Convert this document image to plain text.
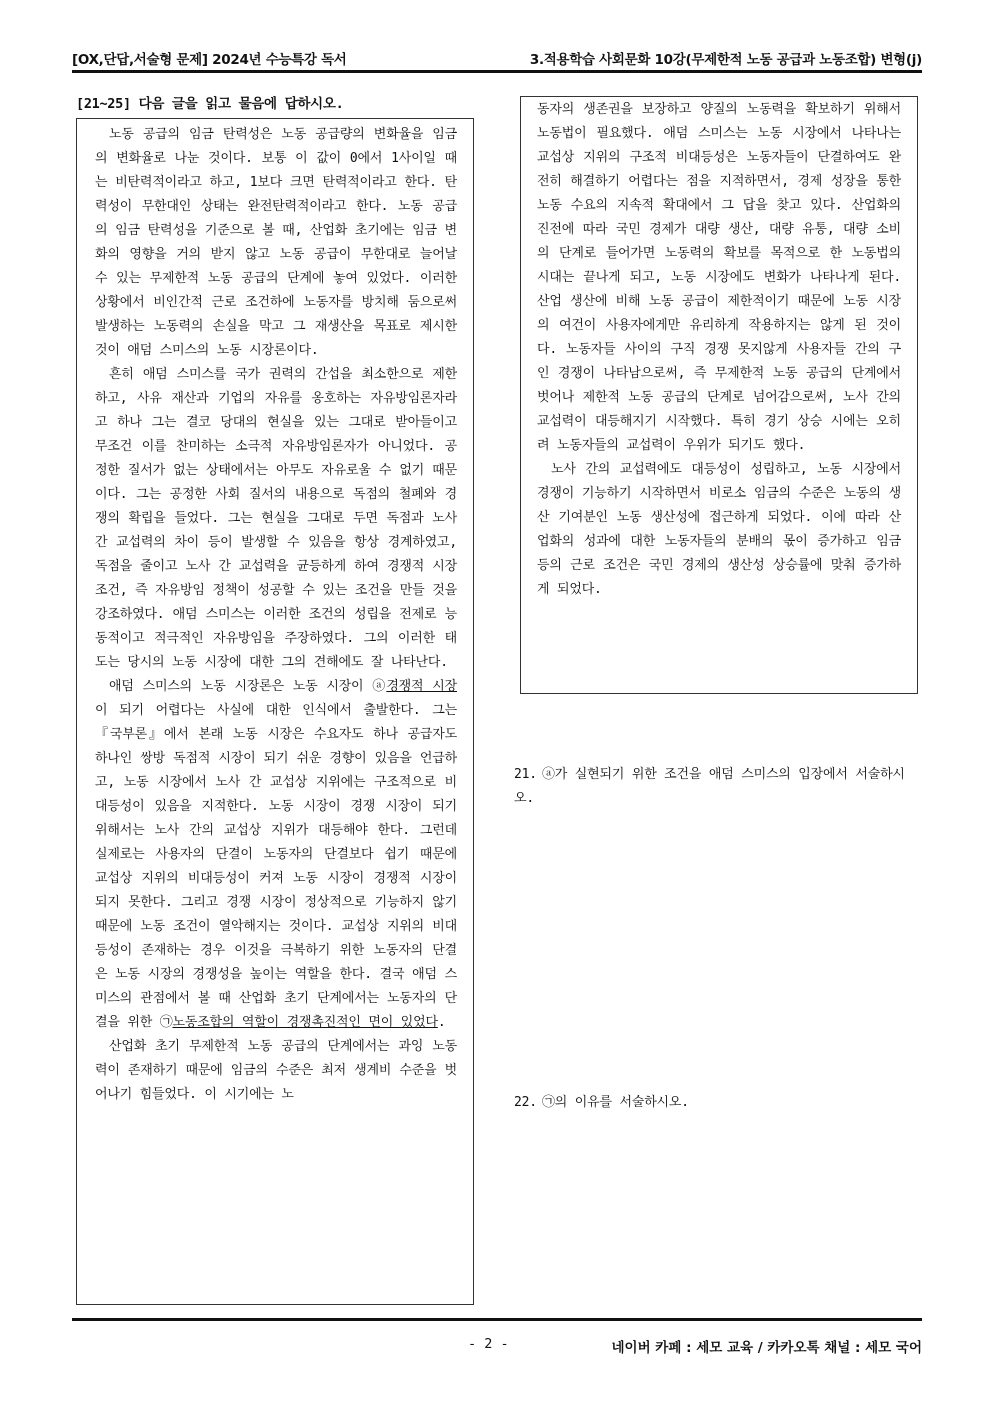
[OX,단답,서술형 문제] 2024년 수능특강 독서	3.적용학습 사회문화 10강(무제한적 노동 공급과 노동조합) 변형(j)
[21~25] 다음 글을 읽고 물음에 답하시오.

노동 공급의 임금 탄력성은 노동 공급량의 변화율을 임금의 변화율로 나눈 것이다. 보통 이 값이 0에서 1사이일 때는 비탄력적이라고 하고, 1보다 크면 탄력적이라고 한다. 탄력성이 무한대인 상태는 완전탄력적이라고 한다. 노동 공급의 임금 탄력성을 기준으로 볼 때, 산업화 초기에는 임금 변화의 영향을 거의 받지 않고 노동 공급이 무한대로 늘어날 수 있는 무제한적 노동 공급의 단계에 놓여 있었다. 이러한 상황에서 비인간적 근로 조건하에 노동자를 방치해 둠으로써 발생하는 노동력의 손실을 막고 그 재생산을 목표로 제시한 것이 애덤 스미스의 노동 시장론이다.

흔히 애덤 스미스를 국가 권력의 간섭을 최소한으로 제한하고, 사유 재산과 기업의 자유를 옹호하는 자유방임론자라고 하나 그는 결코 당대의 현실을 있는 그대로 받아들이고 무조건 이를 찬미하는 소극적 자유방임론자가 아니었다. 공정한 질서가 없는 상태에서는 아무도 자유로울 수 없기 때문이다. 그는 공정한 사회 질서의 내용으로 독점의 철폐와 경쟁의 확립을 들었다. 그는 현실을 그대로 두면 독점과 노사 간 교섭력의 차이 등이 발생할 수 있음을 항상 경계하였고, 독점을 줄이고 노사 간 교섭력을 균등하게 하여 경쟁적 시장 조건, 즉 자유방임 정책이 성공할 수 있는 조건을 만들 것을 강조하였다. 애덤 스미스는 이러한 조건의 성립을 전제로 능동적이고 적극적인 자유방임을 주장하였다. 그의 이러한 태도는 당시의 노동 시장에 대한 그의 견해에도 잘 나타난다.

애덤 스미스의 노동 시장론은 노동 시장이 ⓐ경쟁적 시장이 되기 어렵다는 사실에 대한 인식에서 출발한다. 그는 『국부론』에서 본래 노동 시장은 수요자도 하나 공급자도 하나인 쌍방 독점적 시장이 되기 쉬운 경향이 있음을 언급하고, 노동 시장에서 노사 간 교섭상 지위에는 구조적으로 비대등성이 있음을 지적한다. 노동 시장이 경쟁 시장이 되기 위해서는 노사 간의 교섭상 지위가 대등해야 한다. 그런데 실제로는 사용자의 단결이 노동자의 단결보다 쉽기 때문에 교섭상 지위의 비대등성이 커져 노동 시장이 경쟁적 시장이 되지 못한다. 그리고 경쟁 시장이 정상적으로 기능하지 않기 때문에 노동 조건이 열악해지는 것이다. 교섭상 지위의 비대등성이 존재하는 경우 이것을 극복하기 위한 노동자의 단결은 노동 시장의 경쟁성을 높이는 역할을 한다. 결국 애덤 스미스의 관점에서 볼 때 산업화 초기 단계에서는 노동자의 단결을 위한 ㉠노동조합의 역할이 경쟁촉진적인 면이 있었다.

산업화 초기 무제한적 노동 공급의 단계에서는 과잉 노동력이 존재하기 때문에 임금의 수준은 최저 생계비 수준을 벗어나기 힘들었다. 이 시기에는 노

동자의 생존권을 보장하고 양질의 노동력을 확보하기 위해서 노동법이 필요했다. 애덤 스미스는 노동 시장에서 나타나는 교섭상 지위의 구조적 비대등성은 노동자들이 단결하여도 완전히 해결하기 어렵다는 점을 지적하면서, 경제 성장을 통한 노동 수요의 지속적 확대에서 그 답을 찾고 있다. 산업화의 진전에 따라 국민 경제가 대량 생산, 대량 유통, 대량 소비의 단계로 들어가면 노동력의 확보를 목적으로 한 노동법의 시대는 끝나게 되고, 노동 시장에도 변화가 나타나게 된다. 산업 생산에 비해 노동 공급이 제한적이기 때문에 노동 시장의 여건이 사용자에게만 유리하게 작용하지는 않게 된 것이다. 노동자들 사이의 구직 경쟁 못지않게 사용자들 간의 구인 경쟁이 나타남으로써, 즉 무제한적 노동 공급의 단계에서 벗어나 제한적 노동 공급의 단계로 넘어감으로써, 노사 간의 교섭력이 대등해지기 시작했다. 특히 경기 상승 시에는 오히려 노동자들의 교섭력이 우위가 되기도 했다.

노사 간의 교섭력에도 대등성이 성립하고, 노동 시장에서 경쟁이 기능하기 시작하면서 비로소 임금의 수준은 노동의 생산 기여분인 노동 생산성에 접근하게 되었다. 이에 따라 산업화의 성과에 대한 노동자들의 분배의 몫이 증가하고 임금 등의 근로 조건은 국민 경제의 생산성 상승률에 맞춰 증가하게 되었다.

21. ⓐ가 실현되기 위한 조건을 애덤 스미스의 입장에서 서술하시오.
22. ㉠의 이유를 서술하시오.
- 2 -	네이버 카페 : 세모 교육 / 카카오톡 채널 : 세모 국어
